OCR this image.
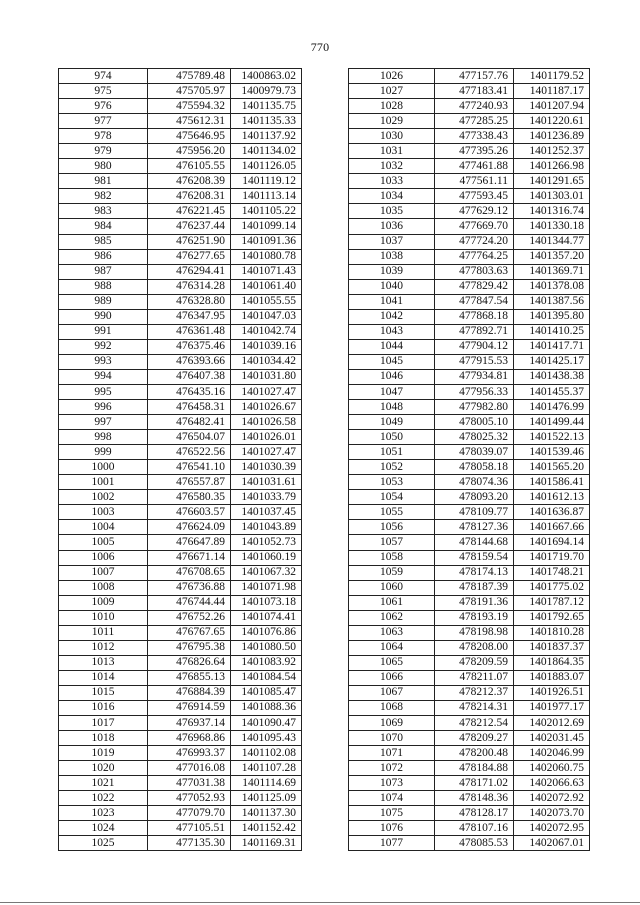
770
974	475789.48	1400863.02
975	475705.97	1400979.73
976	475594.32	1401135.75
977	475612.31	1401135.33
978	475646.95	1401137.92
979	475956.20	1401134.02
980	476105.55	1401126.05
981	476208.39	1401119.12
982	476208.31	1401113.14
983	476221.45	1401105.22
984	476237.44	1401099.14
985	476251.90	1401091.36
986	476277.65	1401080.78
987	476294.41	1401071.43
988	476314.28	1401061.40
989	476328.80	1401055.55
990	476347.95	1401047.03
991	476361.48	1401042.74
992	476375.46	1401039.16
993	476393.66	1401034.42
994	476407.38	1401031.80
995	476435.16	1401027.47
996	476458.31	1401026.67
997	476482.41	1401026.58
998	476504.07	1401026.01
999	476522.56	1401027.47
1000	476541.10	1401030.39
1001	476557.87	1401031.61
1002	476580.35	1401033.79
1003	476603.57	1401037.45
1004	476624.09	1401043.89
1005	476647.89	1401052.73
1006	476671.14	1401060.19
1007	476708.65	1401067.32
1008	476736.88	1401071.98
1009	476744.44	1401073.18
1010	476752.26	1401074.41
1011	476767.65	1401076.86
1012	476795.38	1401080.50
1013	476826.64	1401083.92
1014	476855.13	1401084.54
1015	476884.39	1401085.47
1016	476914.59	1401088.36
1017	476937.14	1401090.47
1018	476968.86	1401095.43
1019	476993.37	1401102.08
1020	477016.08	1401107.28
1021	477031.38	1401114.69
1022	477052.93	1401125.09
1023	477079.70	1401137.30
1024	477105.51	1401152.42
1025	477135.30	1401169.31
1026	477157.76	1401179.52
1027	477183.41	1401187.17
1028	477240.93	1401207.94
1029	477285.25	1401220.61
1030	477338.43	1401236.89
1031	477395.26	1401252.37
1032	477461.88	1401266.98
1033	477561.11	1401291.65
1034	477593.45	1401303.01
1035	477629.12	1401316.74
1036	477669.70	1401330.18
1037	477724.20	1401344.77
1038	477764.25	1401357.20
1039	477803.63	1401369.71
1040	477829.42	1401378.08
1041	477847.54	1401387.56
1042	477868.18	1401395.80
1043	477892.71	1401410.25
1044	477904.12	1401417.71
1045	477915.53	1401425.17
1046	477934.81	1401438.38
1047	477956.33	1401455.37
1048	477982.80	1401476.99
1049	478005.10	1401499.44
1050	478025.32	1401522.13
1051	478039.07	1401539.46
1052	478058.18	1401565.20
1053	478074.36	1401586.41
1054	478093.20	1401612.13
1055	478109.77	1401636.87
1056	478127.36	1401667.66
1057	478144.68	1401694.14
1058	478159.54	1401719.70
1059	478174.13	1401748.21
1060	478187.39	1401775.02
1061	478191.36	1401787.12
1062	478193.19	1401792.65
1063	478198.98	1401810.28
1064	478208.00	1401837.37
1065	478209.59	1401864.35
1066	478211.07	1401883.07
1067	478212.37	1401926.51
1068	478214.31	1401977.17
1069	478212.54	1402012.69
1070	478209.27	1402031.45
1071	478200.48	1402046.99
1072	478184.88	1402060.75
1073	478171.02	1402066.63
1074	478148.36	1402072.92
1075	478128.17	1402073.70
1076	478107.16	1402072.95
1077	478085.53	1402067.01
